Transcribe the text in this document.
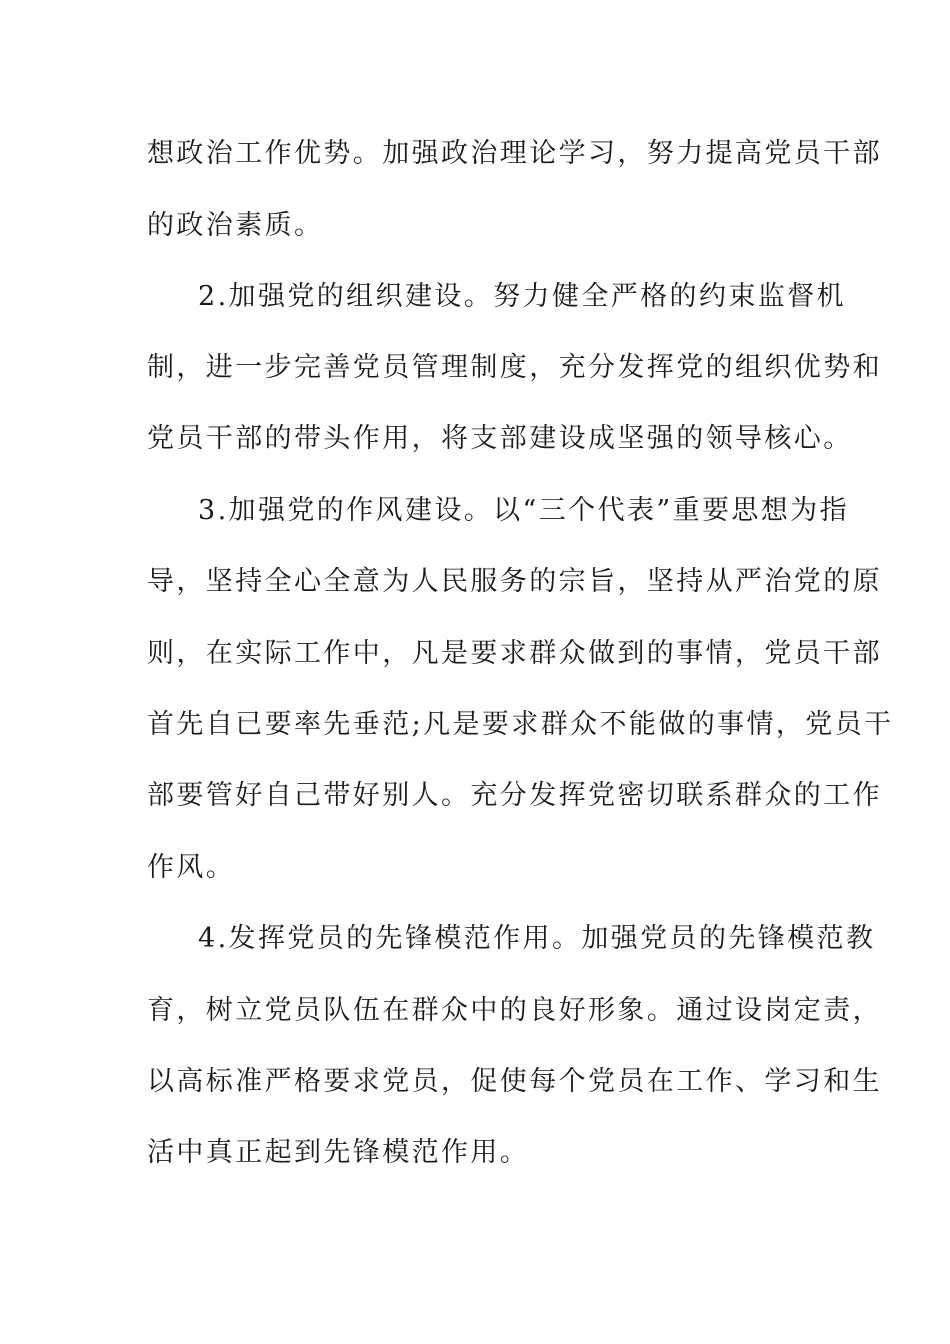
想政治工作优势。加强政治理论学习，努力提高党员干部
的政治素质。
2.加强党的组织建设。努力健全严格的约束监督机
制，进一步完善党员管理制度，充分发挥党的组织优势和
党员干部的带头作用，将支部建设成坚强的领导核心。
3.加强党的作风建设。以“三个代表”重要思想为指
导，坚持全心全意为人民服务的宗旨，坚持从严治党的原
则，在实际工作中，凡是要求群众做到的事情，党员干部
首先自已要率先垂范;凡是要求群众不能做的事情，党员干
部要管好自己带好别人。充分发挥党密切联系群众的工作
作风。
4.发挥党员的先锋模范作用。加强党员的先锋模范教
育，树立党员队伍在群众中的良好形象。通过设岗定责，
以高标准严格要求党员，促使每个党员在工作、学习和生
活中真正起到先锋模范作用。
